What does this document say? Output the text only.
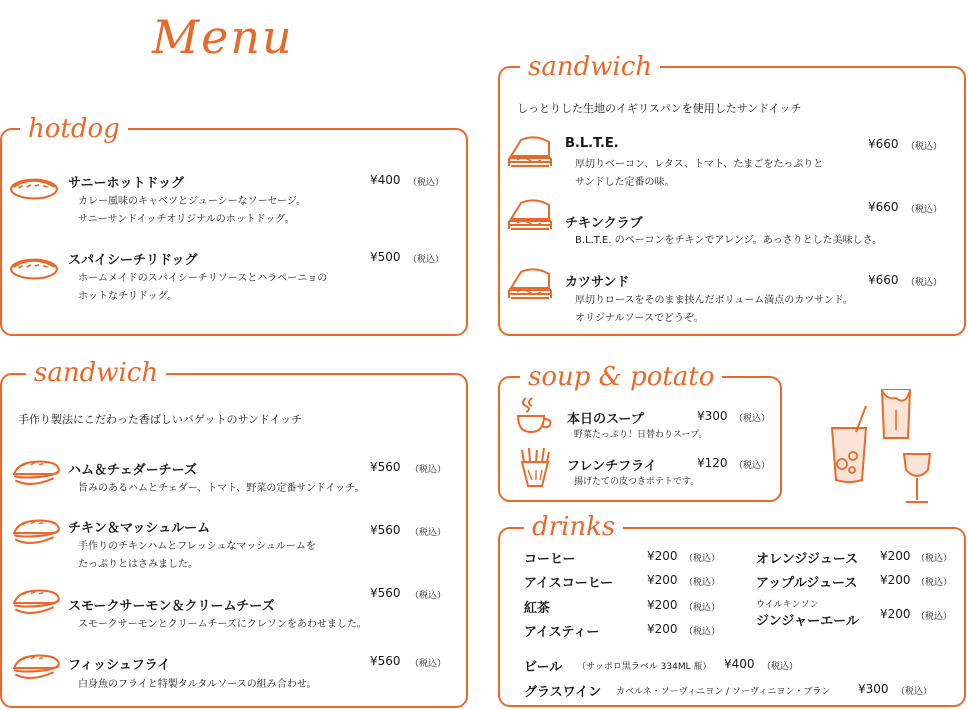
Menu
hotdog
サニーホットドッグ	¥400 （税込）
カレー風味のキャベツとジューシーなソーセージ。
サニーサンドイッチオリジナルのホットドッグ。
スパイシーチリドッグ	¥500 （税込）
ホームメイドのスパイシーチリソースとハラペーニョの
ホットなチリドッグ。
sandwich
手作り製法にこだわった香ばしいバゲットのサンドイッチ
ハム＆チェダーチーズ	¥560 （税込）
旨みのあるハムとチェダー、トマト、野菜の定番サンドイッチ。
チキン＆マッシュルーム	¥560 （税込）
手作りのチキンハムとフレッシュなマッシュルームを
たっぷりとはさみました。
スモークサーモン＆クリームチーズ
¥560 （税込）
スモークサーモンとクリームチーズにクレソンをあわせました。
フィッシュフライ	¥560 （税込）
白身魚のフライと特製タルタルソースの組み合わせ。
sandwich
しっとりした生地のイギリスパンを使用したサンドイッチ
B.L.T.E.	¥660 （税込）
厚切りベーコン、レタス、トマト、たまごをたっぷりと
サンドした定番の味。
チキンクラブ
¥660 （税込）
B.L.T.E. のベーコンをチキンでアレンジ。あっさりとした美味しさ。
カツサンド	¥660 （税込）
厚切りロースをそのまま挟んだボリューム満点のカツサンド。
オリジナルソースでどうぞ。
soup & potato
本日のスープ	¥300 （税込）
野菜たっぷり！日替わりスープ。
フレンチフライ	¥120 （税込）
揚げたての皮つきポテトです。
drinks
コーヒー	¥200 （税込）
アイスコーヒー	¥200 （税込）
紅茶	¥200 （税込）
アイスティー	¥200 （税込）
オレンジジュース ¥200 （税込）
アップルジュース ¥200 （税込）
ウイルキンソン
ジンジャーエール ¥200 （税込）
ビール （サッポロ黒ラベル 334ML 瓶） ¥400 （税込）
グラスワイン カベルネ・ソーヴィニヨン / ソーヴィニヨン・ブラン ¥300 （税込）
